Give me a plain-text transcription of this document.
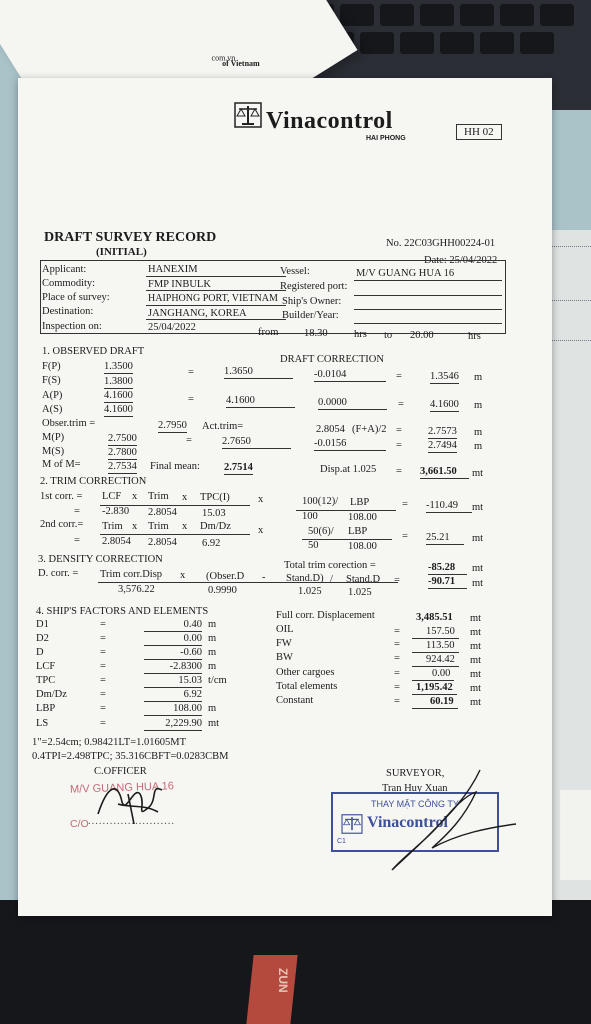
ZUN
com.vn
of Vietnam
Vinacontrol
HAI PHONG
HH 02
DRAFT SURVEY RECORD
(INITIAL)
No. 22C03GHH00224-01
Date: 25/04/2022
Applicant:	HANEXIM
Commodity:	FMP INBULK
Place of survey:	HAIPHONG PORT, VIETNAM
Destination:	JANGHANG, KOREA
Inspection on:	25/04/2022
Vessel:	M/V GUANG HUA 16
Registered port:
Ship's Owner:
Builder/Year:
from 18.30	hrs to 20.00	hrs
1. OBSERVED DRAFT
DRAFT CORRECTION
F(P)	1.3500
F(S)	1.3800
=	1.3650	-0.0104	=	1.3546 m
A(P)	4.1600
A(S)	4.1600
=	4.1600	0.0000	= 4.1600 m
Obser.trim =	2.7950 Act.trim=	2.8054 (F+A)/2 = 2.7573 m
M(P)	2.7500
M(S)	2.7800
=	2.7650	-0.0156	= 2.7494 m
M of M=	2.7534 Final mean: 2.7514	Disp.at 1.025 = 3,661.50	mt
2. TRIM CORRECTION
1st corr. = LCF x Trim x TPC(I)	x	100(12)/ LBP
= -2.830 2.8054 15.03	100	108.00
= -110.49	mt
2nd corr.= Trim x Trim x Dm/Dz	x	50(6)/ LBP
= 2.8054 2.8054 6.92	50	108.00
= 25.21	mt
3. DENSITY CORRECTION
Total trim corection =	-85.28	mt
D. corr. = Trim corr.Disp x (Obser.D - Stand.D) / Stand.D =	-90.71	mt
3,576.22	0.9990	1.025	1.025
4. SHIP'S FACTORS AND ELEMENTS
D1	=	0.40 m
D2	=	0.00 m
D	=	-0.60 m
LCF	=	-2.8300 m
TPC	=	15.03 t/cm
Dm/Dz	=	6.92
LBP	=	108.00 m
LS	=	2,229.90 mt
Full corr. Displacement	3,485.51 mt
OIL	=	157.50	mt
FW	=	113.50	mt
BW	=	924.42	mt
Other cargoes	=	0.00	mt
Total elements	=	1,195.42	mt
Constant	=	60.19	mt
1"=2.54cm; 0.98421LT=1.01605MT
0.4TPI=2.498TPC; 35.316CBFT=0.0283CBM
C.OFFICER
M/V GUANG HUA 16
C/O ........................
SURVEYOR,
Tran Huy Xuan
THAY MẶT CÔNG TY
Vinacontrol
C1
